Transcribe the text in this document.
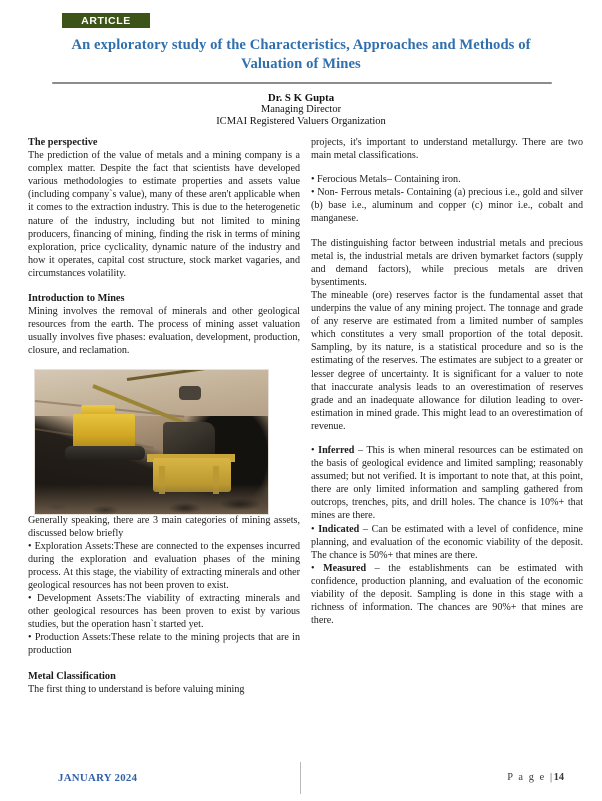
ARTICLE
An exploratory study of the Characteristics, Approaches and Methods of Valuation of Mines
Dr. S K Gupta
Managing Director
ICMAI Registered Valuers Organization

The perspective

The prediction of the value of metals and a mining company is a complex matter. Despite the fact that scientists have developed various methodologies to estimate properties and assets value (including company`s value), many of these aren't applicable when it comes to the extraction industry. This is due to the heterogenetic nature of the industry, including but not limited to mining producers, financing of mining, finding the risk in terms of mining exploration, price cyclicality, dynamic nature of the industry and how it operates, capital cost structure, stock market vagaries, and circumstances volatility.

Introduction to Mines

Mining involves the removal of minerals and other geological resources from the earth. The process of mining asset valuation usually involves five phases: evaluation, development, production, closure, and reclamation.

Generally speaking, there are 3 main categories of mining assets, discussed below briefly

• Exploration Assets:These are connected to the expenses incurred during the exploration and evaluation phases of the mining process. At this stage, the viability of extracting minerals and other geological resources has not been proven to exist.

• Development Assets:The viability of extracting minerals and other geological resources has been proven to exist by various studies, but the operation hasn`t started yet.

• Production Assets:These relate to the mining projects that are in production

Metal Classification

The first thing to understand is before valuing mining

projects, it's important to understand metallurgy. There are two main metal classifications.

• Ferocious Metals– Containing iron.

• Non- Ferrous metals- Containing (a) precious i.e., gold and silver (b) base i.e., aluminum and copper (c) minor i.e., cobalt and manganese.

The distinguishing factor between industrial metals and precious metal is, the industrial metals are driven bymarket factors (supply and demand factors), while precious metals are driven bysentiments.

The mineable (ore) reserves factor is the fundamental asset that underpins the value of any mining project. The tonnage and grade of any reserve are estimated from a limited number of samples which constitutes a very small proportion of the total deposit. Sampling, by its nature, is a statistical procedure and so is the estimating of the reserves. The estimates are subject to a greater or lesser degree of uncertainty. It is significant for a valuer to note that inaccurate analysis leads to an overestimation of reserves grade and an inadequate allowance for dilution leading to over-estimation in mined grade. This might lead to an overestimation of revenue.

• Inferred – This is when mineral resources can be estimated on the basis of geological evidence and limited sampling; reasonably assumed; but not verified. It is important to note that, at this point, there are only limited information and sampling gathered from outcrops, trenches, pits, and drill holes. The chance is 10%+ that mines are there.

• Indicated – Can be estimated with a level of confidence, mine planning, and evaluation of the economic viability of the deposit. The chance is 50%+ that mines are there.

• Measured – the establishments can be estimated with confidence, production planning, and evaluation of the economic viability of the deposit. Sampling is done in this stage with a richness of information. The chances are 90%+ that mines are there.

JANUARY 2024	P a g e |14
